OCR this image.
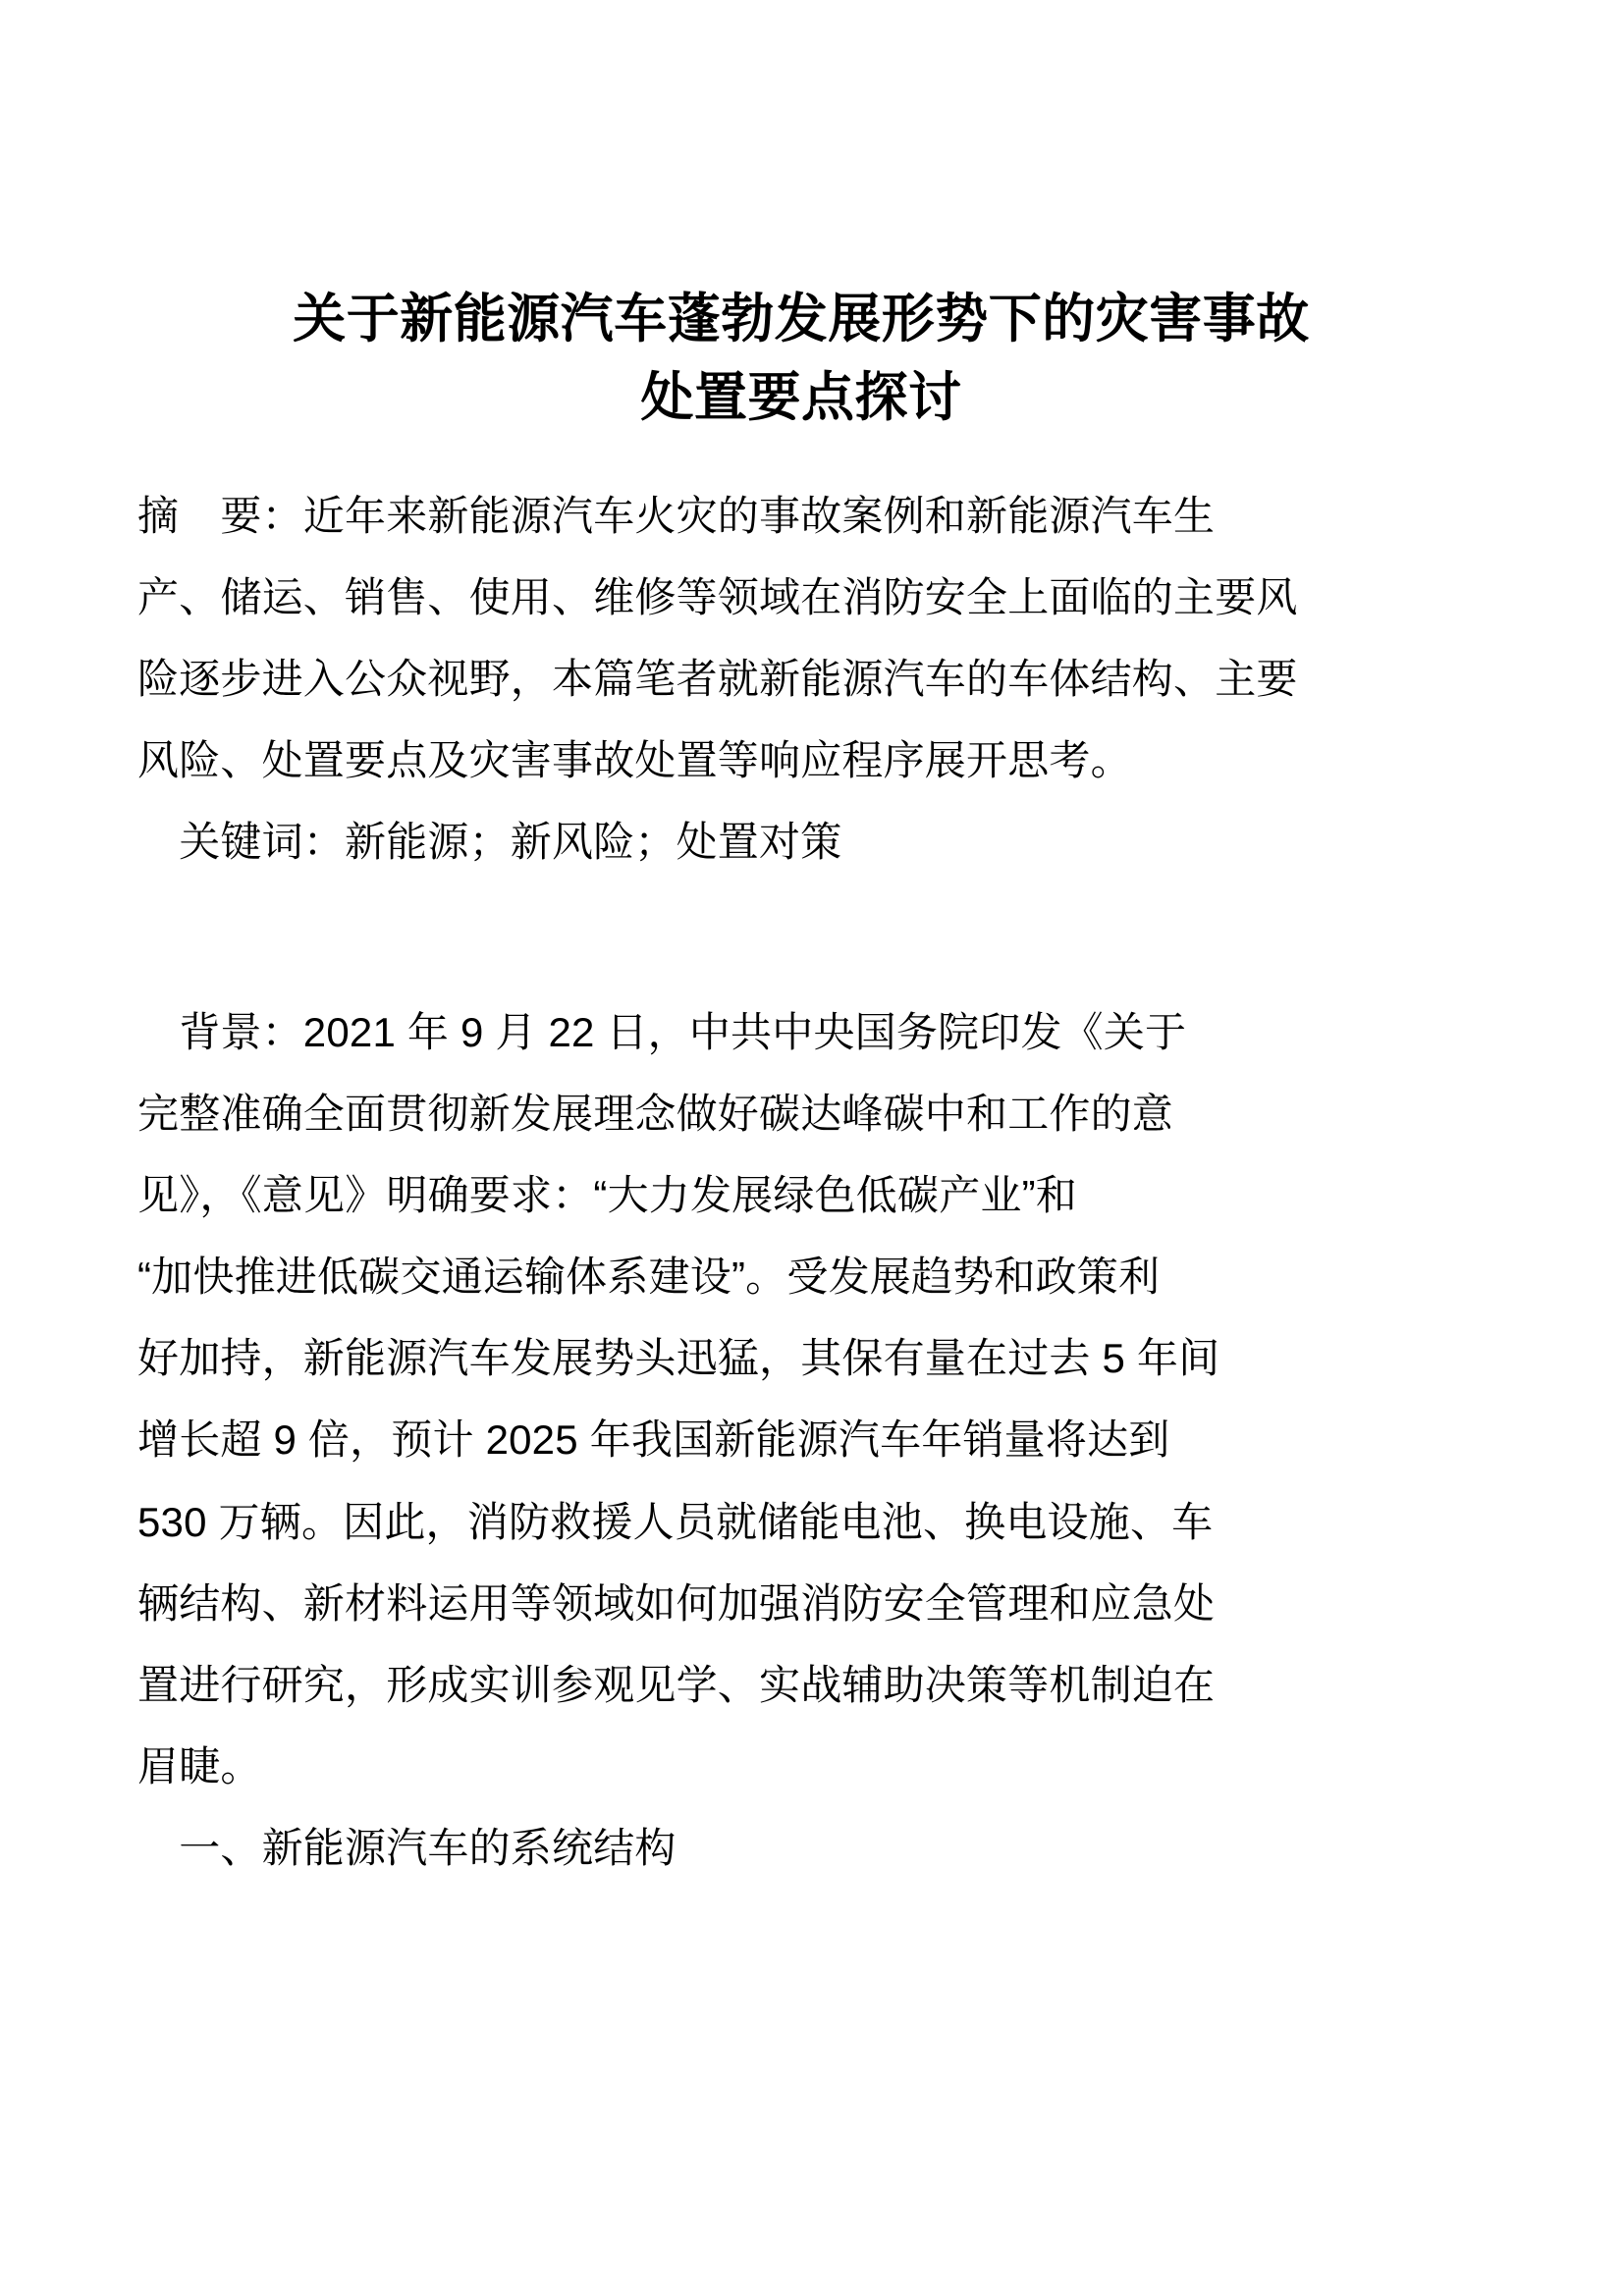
关于新能源汽车蓬勃发展形势下的灾害事故
处置要点探讨

摘　要：近年来新能源汽车火灾的事故案例和新能源汽车生
产、储运、销售、使用、维修等领域在消防安全上面临的主要风
险逐步进入公众视野，本篇笔者就新能源汽车的车体结构、主要
风险、处置要点及灾害事故处置等响应程序展开思考。

　关键词：新能源；新风险；处置对策

　背景：2021 年 9 月 22 日，中共中央国务院印发《关于
完整准确全面贯彻新发展理念做好碳达峰碳中和工作的意
见》，《意见》明确要求：“大力发展绿色低碳产业”和
“加快推进低碳交通运输体系建设”。受发展趋势和政策利
好加持，新能源汽车发展势头迅猛，其保有量在过去 5 年间
增长超 9 倍，预计 2025 年我国新能源汽车年销量将达到
530 万辆。因此，消防救援人员就储能电池、换电设施、车
辆结构、新材料运用等领域如何加强消防安全管理和应急处
置进行研究，形成实训参观见学、实战辅助决策等机制迫在
眉睫。

　一、新能源汽车的系统结构
